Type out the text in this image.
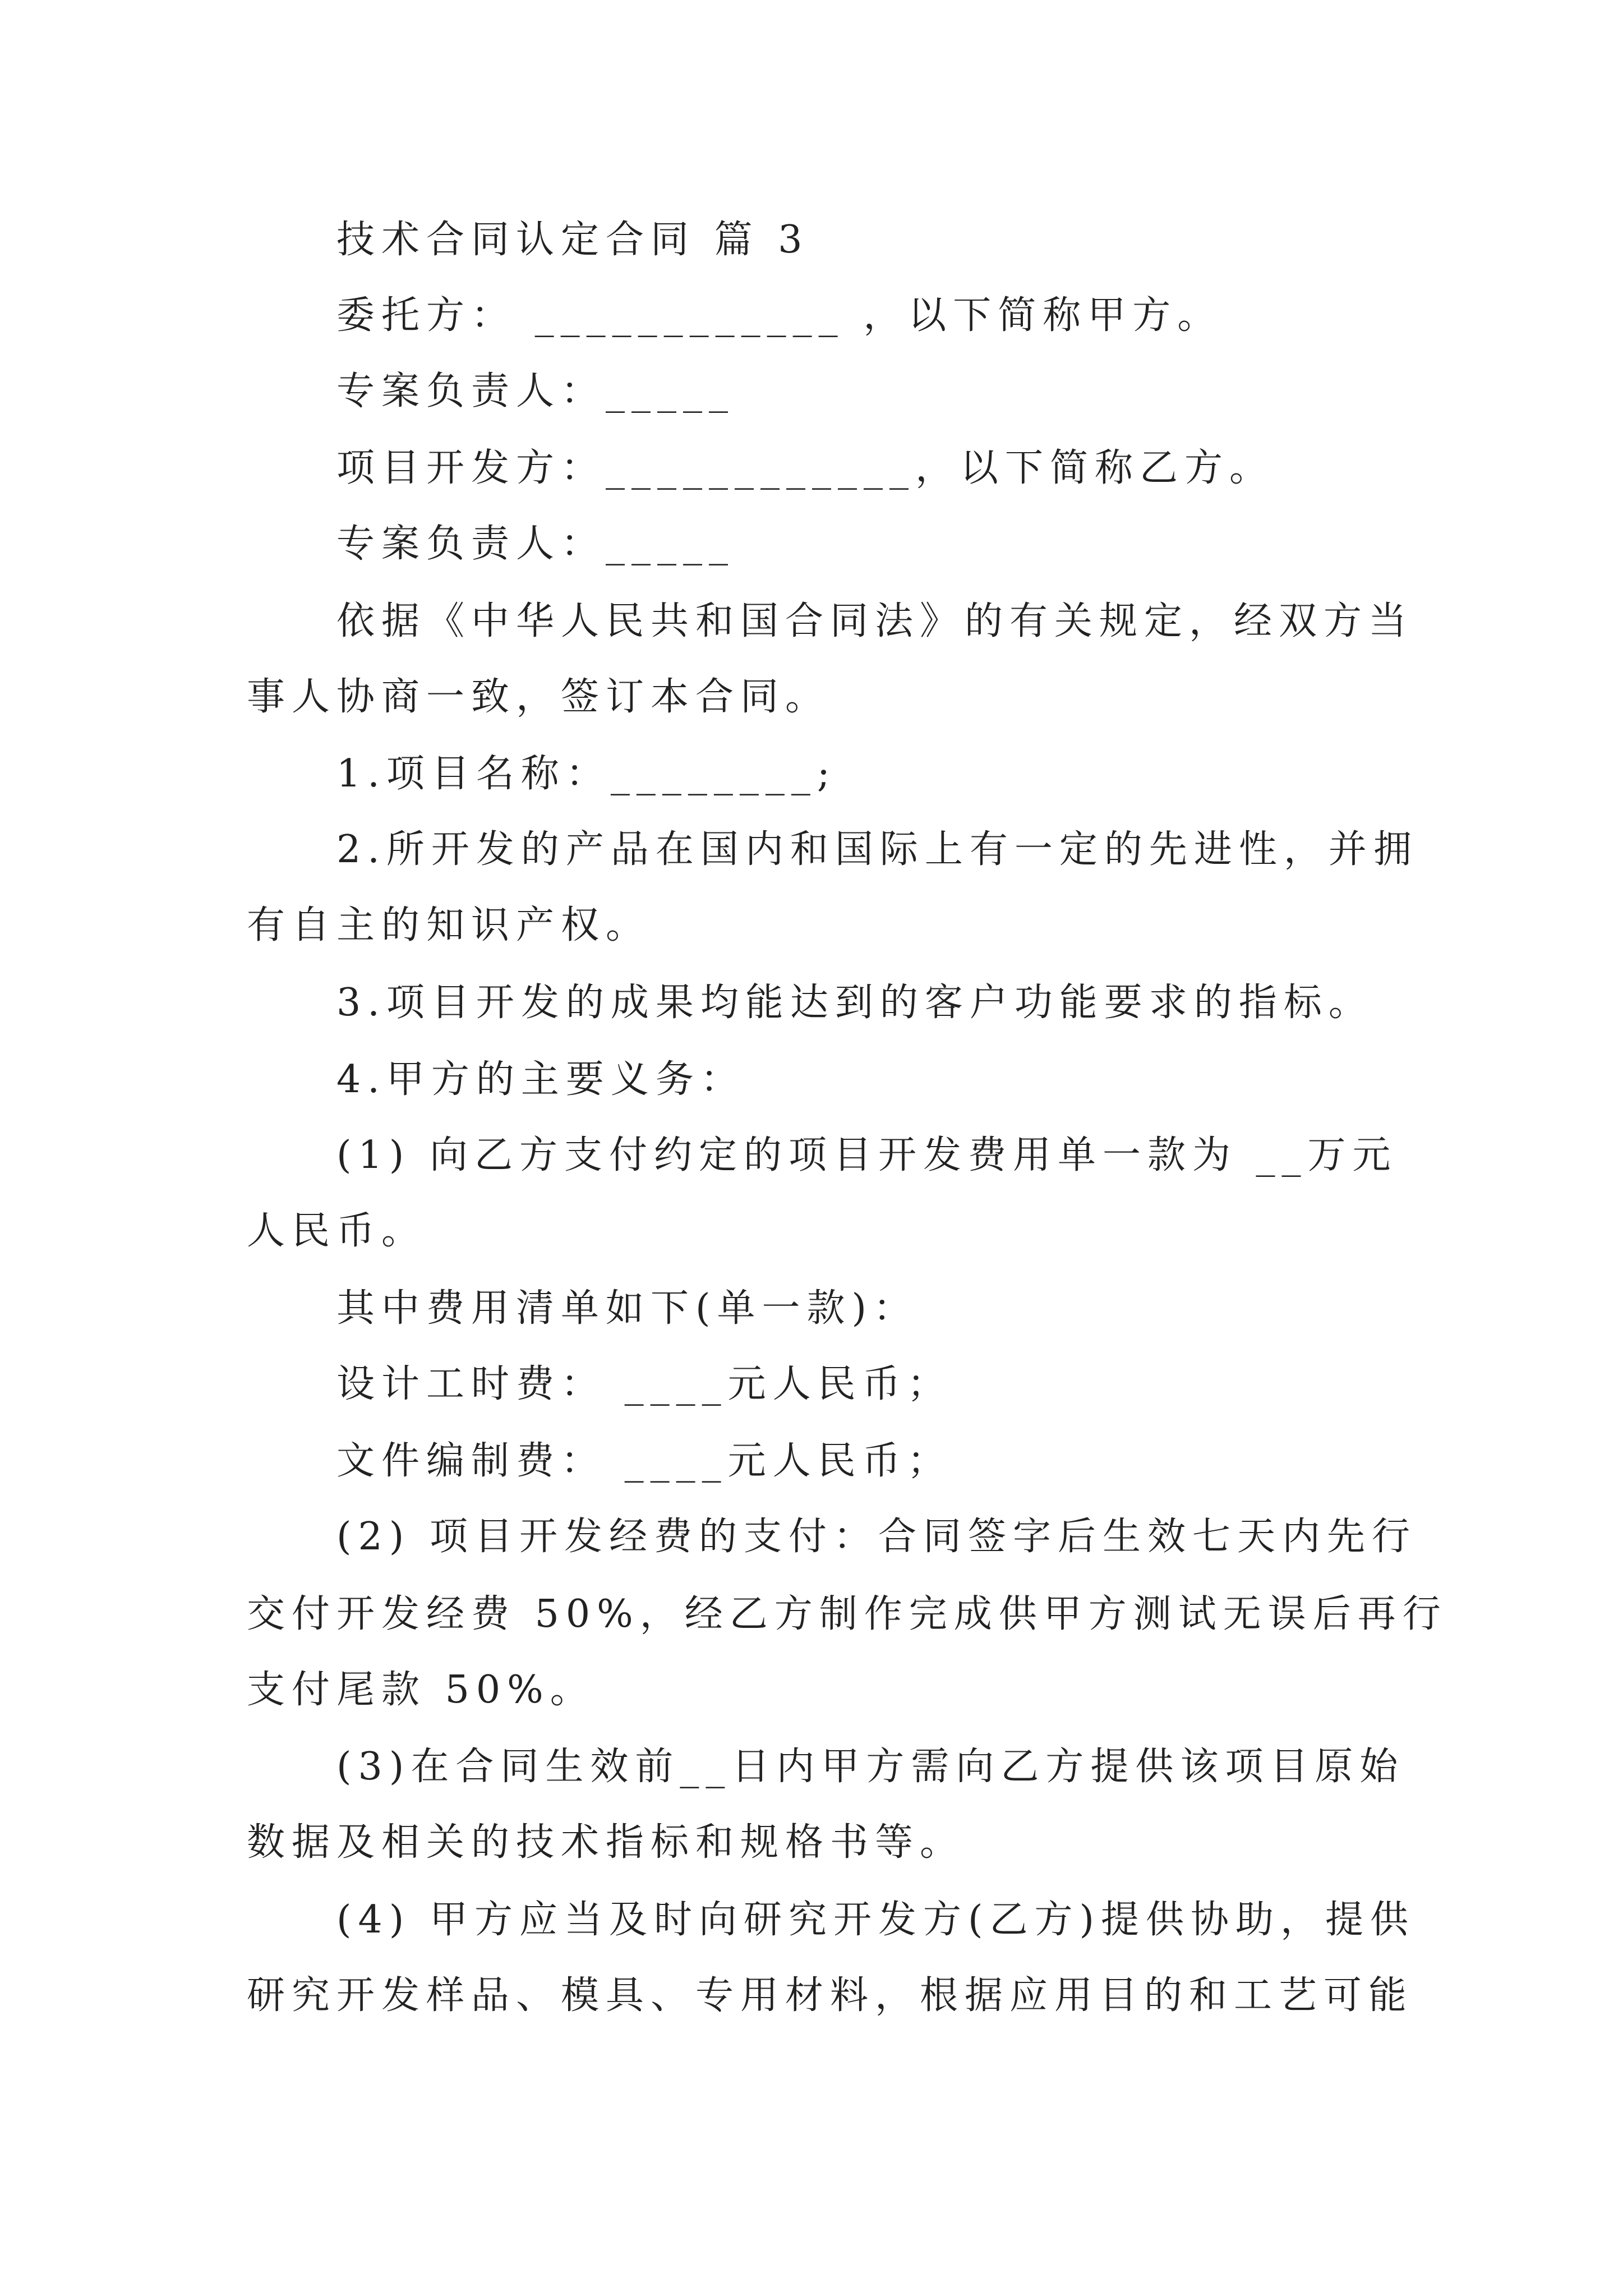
技术合同认定合同 篇 3
委托方： ____________ ，以下简称甲方。
专案负责人：_____
项目开发方：____________，以下简称乙方。
专案负责人：_____
依据《中华人民共和国合同法》的有关规定，经双方当
事人协商一致，签订本合同。
1.项目名称：________;
2.所开发的产品在国内和国际上有一定的先进性，并拥
有自主的知识产权。
3.项目开发的成果均能达到的客户功能要求的指标。
4.甲方的主要义务：
(1) 向乙方支付约定的项目开发费用单一款为 __万元
人民币。
其中费用清单如下(单一款)：
设计工时费： ____元人民币；
文件编制费： ____元人民币；
(2) 项目开发经费的支付：合同签字后生效七天内先行
交付开发经费 50%，经乙方制作完成供甲方测试无误后再行
支付尾款 50%。
(3)在合同生效前__日内甲方需向乙方提供该项目原始
数据及相关的技术指标和规格书等。
(4) 甲方应当及时向研究开发方(乙方)提供协助，提供
研究开发样品、模具、专用材料，根据应用目的和工艺可能
